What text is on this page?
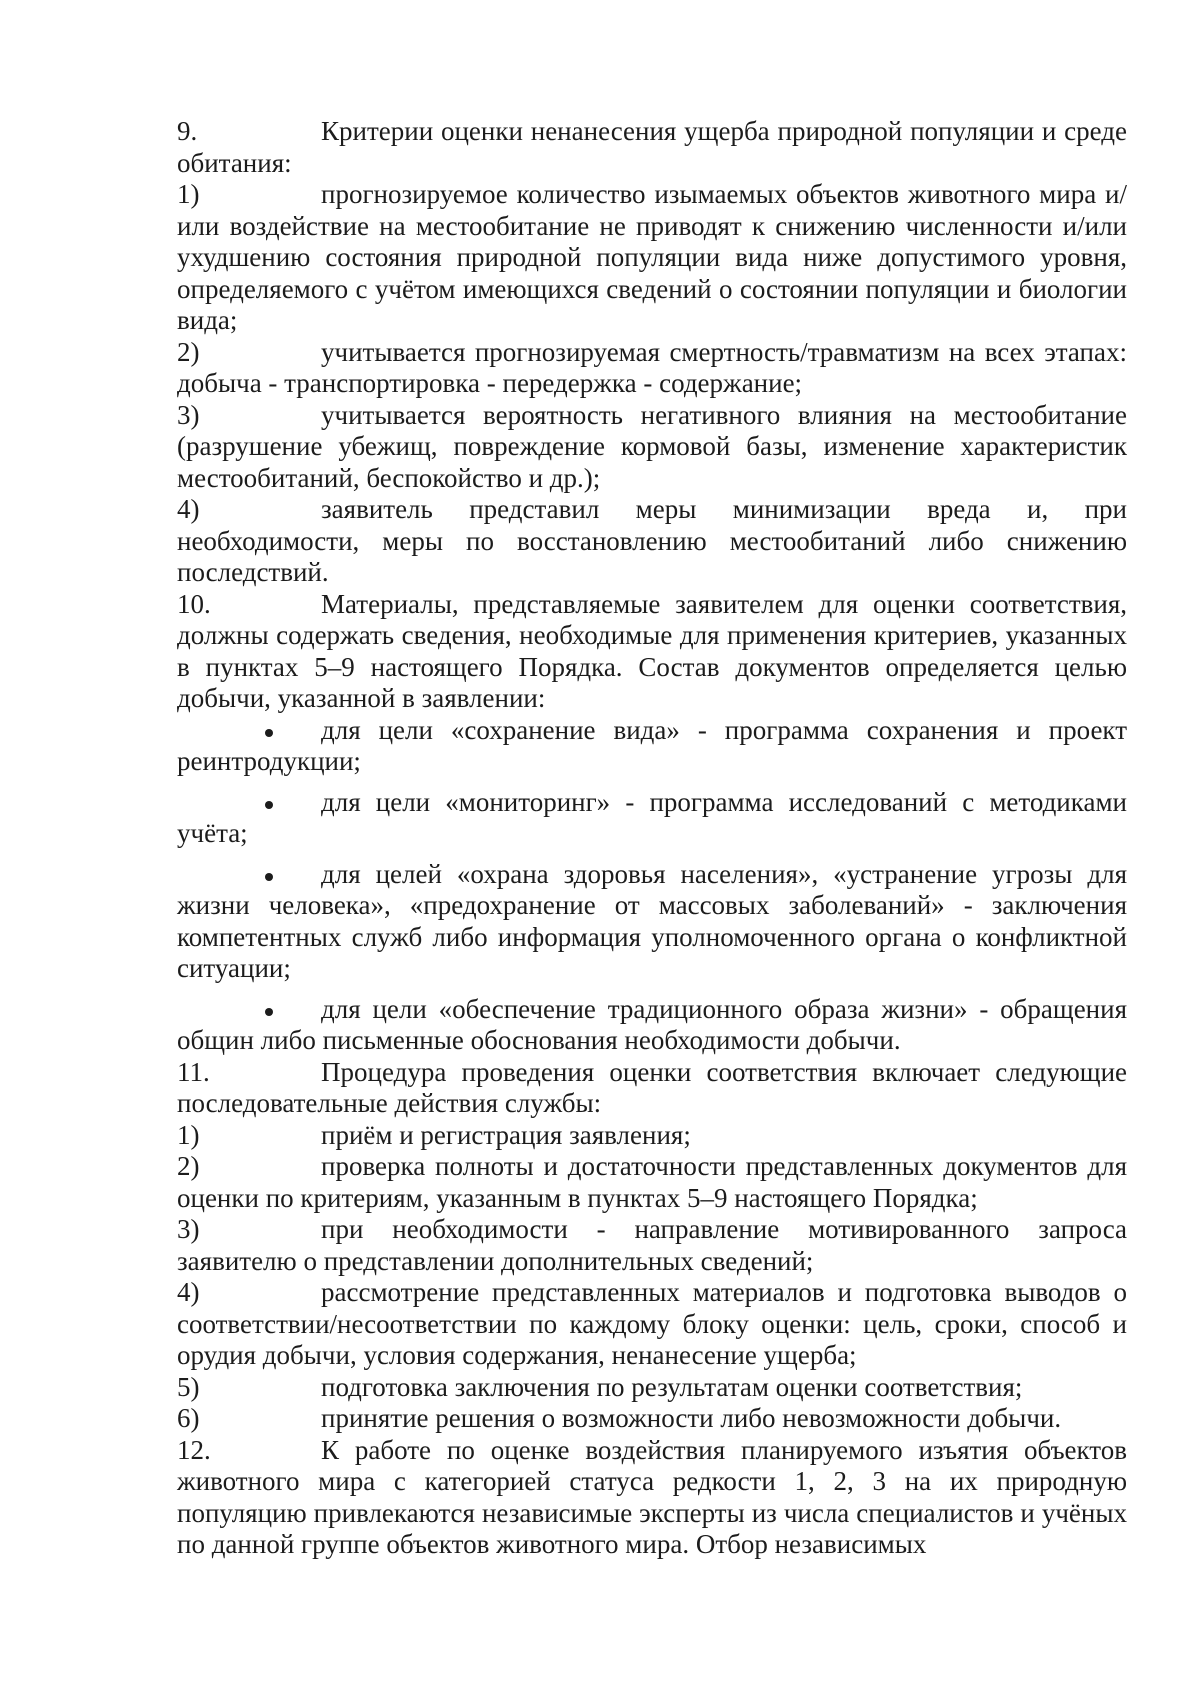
9.	Критерии оценки ненанесения ущерба природной популяции и среде обитания:

1)	прогнозируемое количество изымаемых объектов животного мира и/или воздействие на местообитание не приводят к снижению численности и/или ухудшению состояния природной популяции вида ниже допустимого уровня, определяемого с учётом имеющихся сведений о состоянии популяции и биологии вида;

2)	учитывается прогнозируемая смертность/травматизм на всех этапах: добыча - транспортировка - передержка - содержание;

3)	учитывается вероятность негативного влияния на местообитание (разрушение убежищ, повреждение кормовой базы, изменение характеристик местообитаний, беспокойство и др.);

4)	заявитель представил меры минимизации вреда и, при необходимости, меры по восстановлению местообитаний либо снижению последствий.

10.	Материалы, представляемые заявителем для оценки соответствия, должны содержать сведения, необходимые для применения критериев, указанных в пунктах 5–9 настоящего Порядка. Состав документов определяется целью добычи, указанной в заявлении:

для цели «сохранение вида» - программа сохранения и проект реинтродукции;

для цели «мониторинг» - программа исследований с методиками учёта;

для целей «охрана здоровья населения», «устранение угрозы для жизни человека», «предохранение от массовых заболеваний» - заключения компетентных служб либо информация уполномоченного органа о конфликтной ситуации;

для цели «обеспечение традиционного образа жизни» - обращения общин либо письменные обоснования необходимости добычи.

11.	Процедура проведения оценки соответствия включает следующие последовательные действия службы:

1)	приём и регистрация заявления;

2)	проверка полноты и достаточности представленных документов для оценки по критериям, указанным в пунктах 5–9 настоящего Порядка;

3)	при необходимости - направление мотивированного запроса заявителю о представлении дополнительных сведений;

4)	рассмотрение представленных материалов и подготовка выводов о соответствии/несоответствии по каждому блоку оценки: цель, сроки, способ и орудия добычи, условия содержания, ненанесение ущерба;

5)	подготовка заключения по результатам оценки соответствия;

6)	принятие решения о возможности либо невозможности добычи.

12.	К работе по оценке воздействия планируемого изъятия объектов животного мира с категорией статуса редкости 1, 2, 3 на их природную популяцию привлекаются независимые эксперты из числа специалистов и учёных по данной группе объектов животного мира. Отбор независимых
